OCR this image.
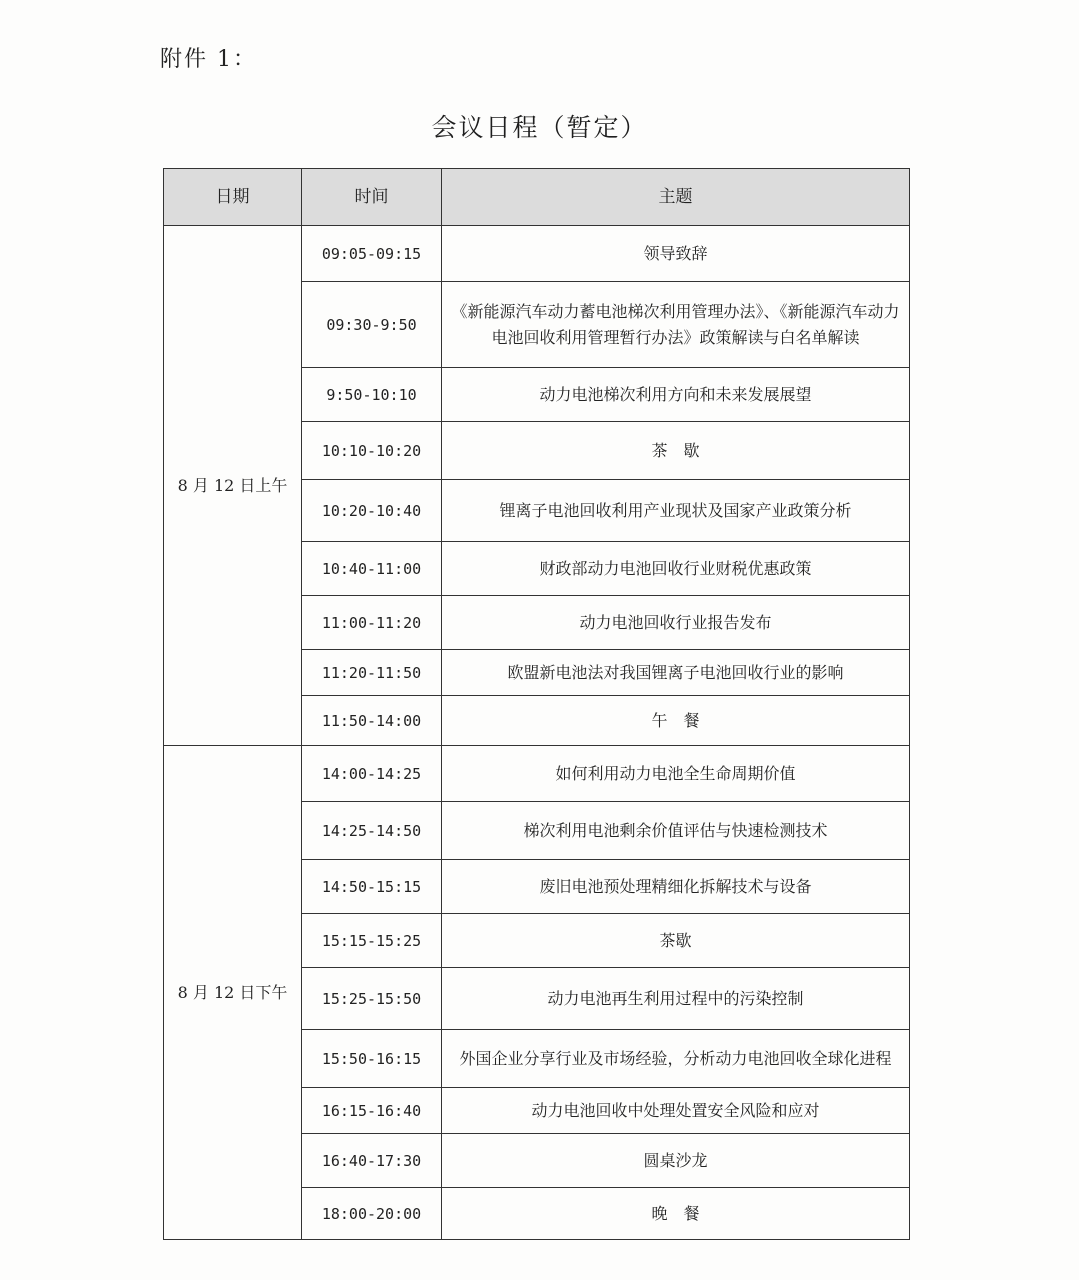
附件 1：
会议日程（暂定）
日期	时间	主题
8 月 12 日上午	09:05-09:15	领导致辞
	09:30-9:50	《新能源汽车动力蓄电池梯次利用管理办法》、《新能源汽车动力电池回收利用管理暂行办法》政策解读与白名单解读
	9:50-10:10	动力电池梯次利用方向和未来发展展望
	10:10-10:20	茶　歇
	10:20-10:40	锂离子电池回收利用产业现状及国家产业政策分析
	10:40-11:00	财政部动力电池回收行业财税优惠政策
	11:00-11:20	动力电池回收行业报告发布
	11:20-11:50	欧盟新电池法对我国锂离子电池回收行业的影响
	11:50-14:00	午　餐
8 月 12 日下午	14:00-14:25	如何利用动力电池全生命周期价值
	14:25-14:50	梯次利用电池剩余价值评估与快速检测技术
	14:50-15:15	废旧电池预处理精细化拆解技术与设备
	15:15-15:25	茶歇
	15:25-15:50	动力电池再生利用过程中的污染控制
	15:50-16:15	外国企业分享行业及市场经验，分析动力电池回收全球化进程
	16:15-16:40	动力电池回收中处理处置安全风险和应对
	16:40-17:30	圆桌沙龙
	18:00-20:00	晚　餐
